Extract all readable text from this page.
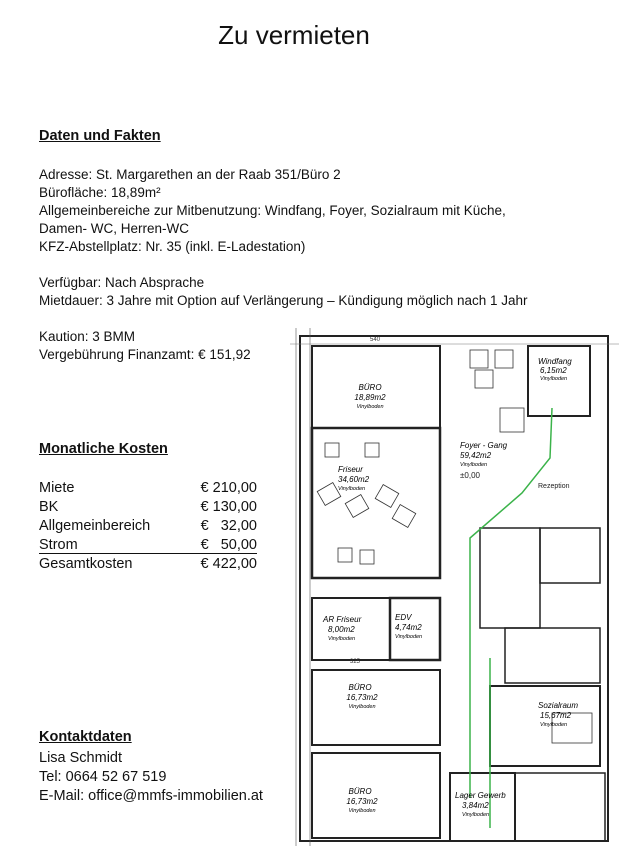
Zu vermieten
Daten und Fakten
Adresse: St. Margarethen an der Raab 351/Büro 2
Bürofläche: 18,89m²
Allgemeinbereiche zur Mitbenutzung: Windfang, Foyer, Sozialraum mit Küche,
Damen- WC, Herren-WC
KFZ-Abstellplatz: Nr. 35 (inkl. E-Ladestation)
Verfügbar: Nach Absprache
Mietdauer: 3 Jahre mit Option auf Verlängerung – Kündigung möglich nach 1 Jahr
Kaution: 3 BMM
Vergebührung Finanzamt: € 151,92
Monatliche Kosten
Miete	€ 210,00
BK	€ 130,00
Allgemeinbereich	€   32,00
Strom	€   50,00
Gesamtkosten	€ 422,00
Kontaktdaten
Lisa Schmidt
Tel: 0664 52 67 519
E-Mail: office@mmfs-immobilien.at
540
325
±0,00
Rezeption
BÜRO
18,89m2
Vinylboden
Friseur
34,60m2
Vinylboden
Foyer - Gang
59,42m2
Vinylboden
Windfang
6,15m2
Vinylboden
AR Friseur
8,00m2
Vinylboden
EDV
4,74m2
Vinylboden
BÜRO
16,73m2
Vinylboden	Sozialraum
15,67m2
Vinylboden
BÜRO
16,73m2
Vinylboden
Lager Gewerb
3,84m2
Vinylboden
